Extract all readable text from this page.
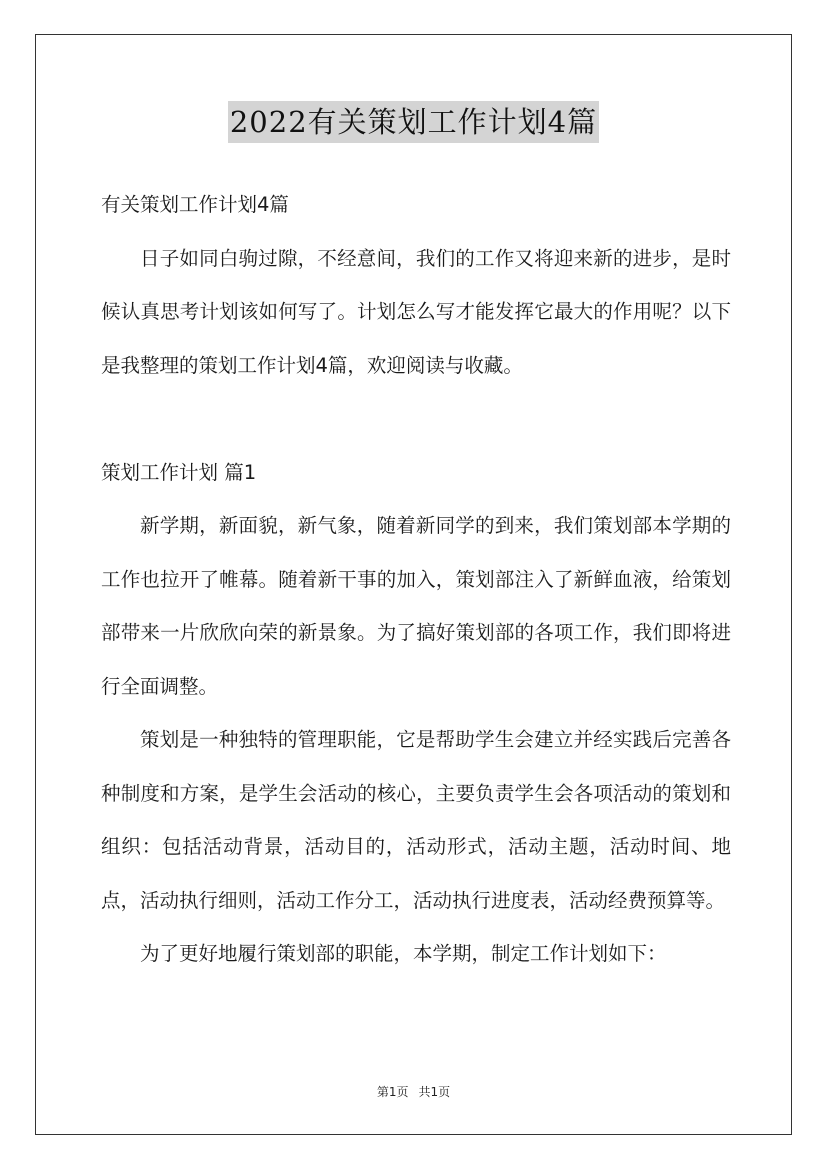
2022有关策划工作计划4篇

有关策划工作计划4篇

日子如同白驹过隙，不经意间，我们的工作又将迎来新的进步，是时候认真思考计划该如何写了。计划怎么写才能发挥它最大的作用呢？以下是我整理的策划工作计划4篇，欢迎阅读与收藏。

策划工作计划 篇1

新学期，新面貌，新气象，随着新同学的到来，我们策划部本学期的工作也拉开了帷幕。随着新干事的加入，策划部注入了新鲜血液，给策划部带来一片欣欣向荣的新景象。为了搞好策划部的各项工作，我们即将进行全面调整。

策划是一种独特的管理职能，它是帮助学生会建立并经实践后完善各种制度和方案，是学生会活动的核心，主要负责学生会各项活动的策划和组织：包括活动背景，活动目的，活动形式，活动主题，活动时间、地点，活动执行细则，活动工作分工，活动执行进度表，活动经费预算等。

为了更好地履行策划部的职能，本学期，制定工作计划如下：

第1页 共1页
